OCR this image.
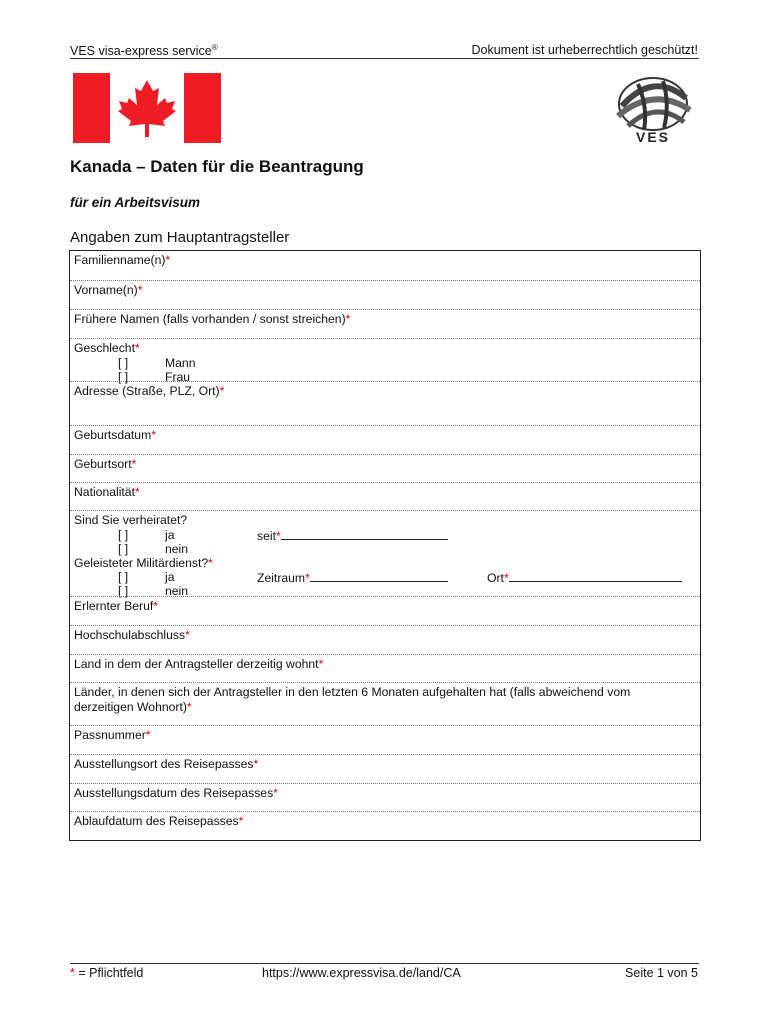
VES visa-express service®	Dokument ist urheberrechtlich geschützt!
VES
Kanada – Daten für die Beantragung
für ein Arbeitsvisum
Angaben zum Hauptantragsteller
Familienname(n)*
Vorname(n)*
Frühere Namen (falls vorhanden / sonst streichen)*
Geschlecht*
[ ]	Mann
[ ]	Frau
Adresse (Straße, PLZ, Ort)*
Geburtsdatum*
Geburtsort*
Nationalität*
Sind Sie verheiratet?
[ ]	ja	seit*
[ ]	nein
Geleisteter Militärdienst?*
[ ]	ja	Zeitraum*	Ort*
[ ]	nein
Erlernter Beruf*
Hochschulabschluss*
Land in dem der Antragsteller derzeitig wohnt*
Länder, in denen sich der Antragsteller in den letzten 6 Monaten aufgehalten hat (falls abweichend vom
derzeitigen Wohnort)*
Passnummer*
Ausstellungsort des Reisepasses*
Ausstellungsdatum des Reisepasses*
Ablaufdatum des Reisepasses*
* = Pflichtfeld	https://www.expressvisa.de/land/CA	Seite 1 von 5
